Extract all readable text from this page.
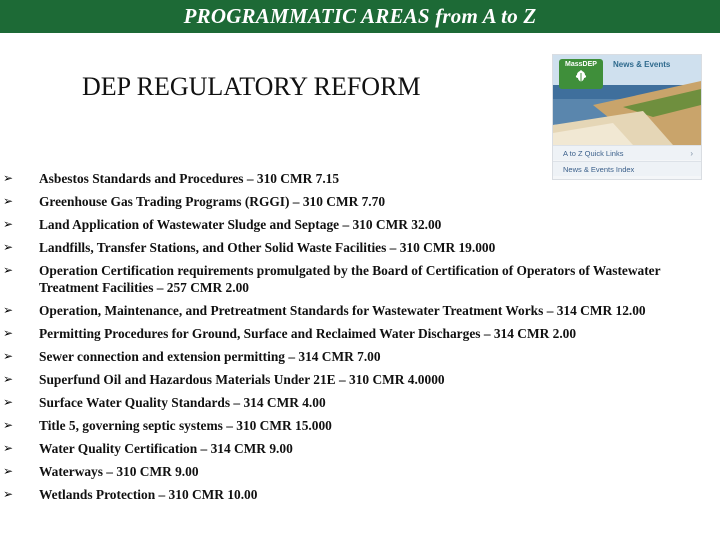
PROGRAMMATIC AREAS from A to Z
DEP REGULATORY REFORM
MassDEP	News & Events
A to Z Quick Links	›
News & Events Index
➢ Asbestos Standards and Procedures – 310 CMR 7.15
➢ Greenhouse Gas Trading Programs (RGGI) – 310 CMR 7.70
➢ Land Application of Wastewater Sludge and Septage – 310 CMR 32.00
➢ Landfills, Transfer Stations, and Other Solid Waste Facilities – 310 CMR 19.000
➢ Operation Certification requirements promulgated by the Board of Certification of Operators of Wastewater Treatment Facilities – 257 CMR 2.00
➢ Operation, Maintenance, and Pretreatment Standards for Wastewater Treatment Works – 314 CMR 12.00
➢ Permitting Procedures for Ground, Surface and Reclaimed Water Discharges – 314 CMR 2.00
➢ Sewer connection and extension permitting – 314 CMR 7.00
➢ Superfund Oil and Hazardous Materials Under 21E – 310 CMR 4.0000
➢ Surface Water Quality Standards – 314 CMR 4.00
➢ Title 5, governing septic systems – 310 CMR 15.000
➢ Water Quality Certification – 314 CMR 9.00
➢ Waterways – 310 CMR 9.00
➢ Wetlands Protection – 310 CMR 10.00
